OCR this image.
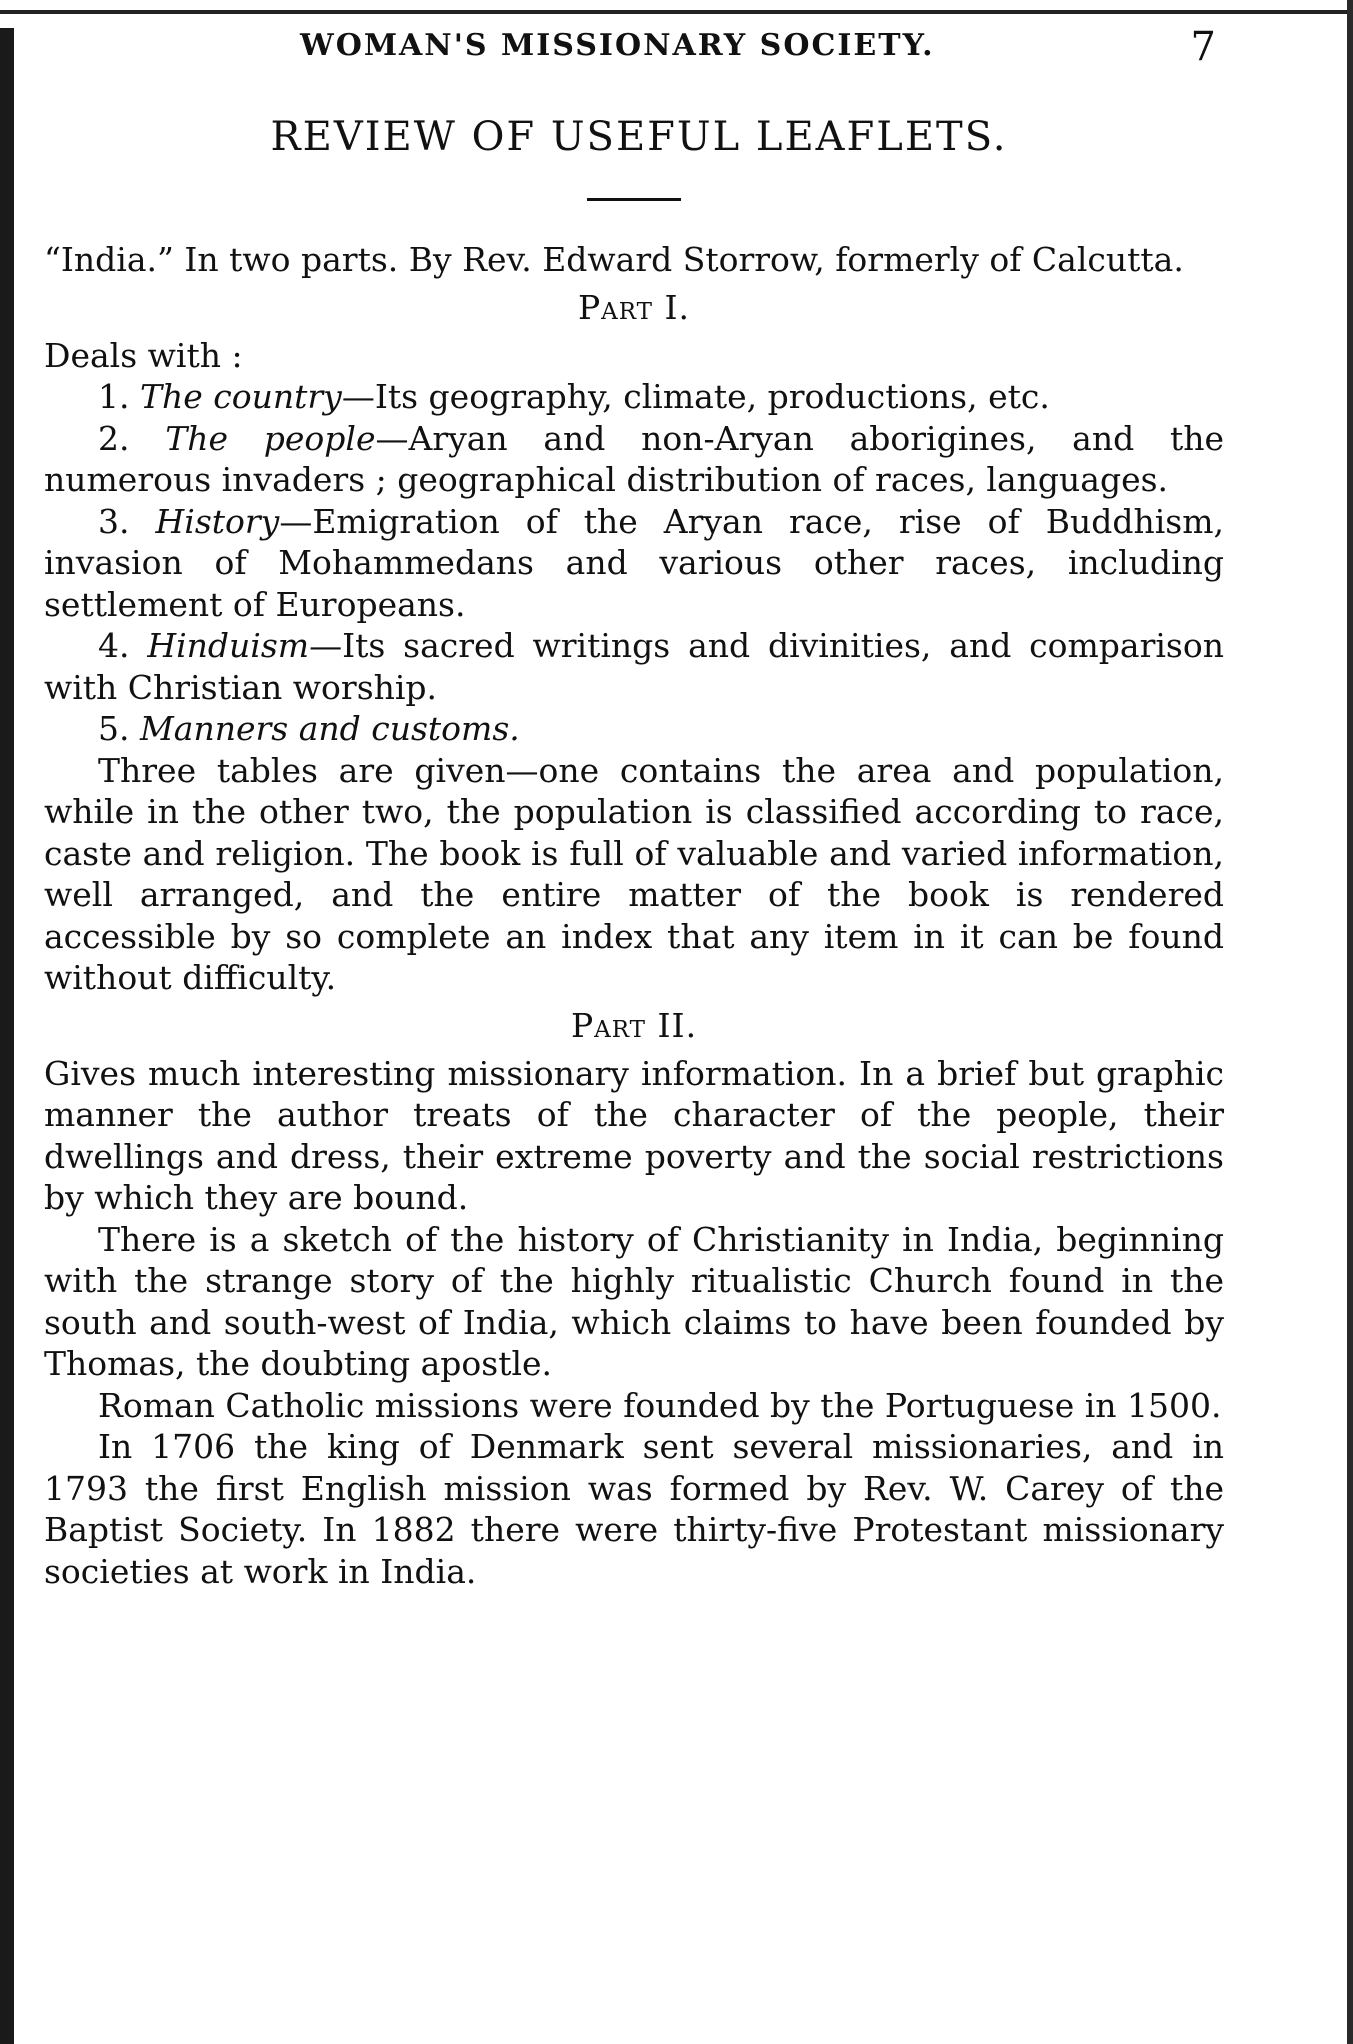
WOMAN'S MISSIONARY SOCIETY.	7
REVIEW OF USEFUL LEAFLETS.

“India.” In two parts. By Rev. Edward Storrow, formerly of Calcutta.

Part I.

Deals with :

1. The country—Its geography, climate, productions, etc.

2. The people—Aryan and non-Aryan aborigines, and the numerous invaders ; geographical distribution of races, languages.

3. History—Emigration of the Aryan race, rise of Buddhism, invasion of Mohammedans and various other races, including settlement of Europeans.

4. Hinduism—Its sacred writings and divinities, and comparison with Christian worship.

5. Manners and customs.

Three tables are given—one contains the area and population, while in the other two, the population is classified according to race, caste and religion. The book is full of valuable and varied information, well arranged, and the entire matter of the book is rendered accessible by so complete an index that any item in it can be found without difficulty.

Part II.

Gives much interesting missionary information. In a brief but graphic manner the author treats of the character of the people, their dwellings and dress, their extreme poverty and the social restrictions by which they are bound.

There is a sketch of the history of Christianity in India, beginning with the strange story of the highly ritualistic Church found in the south and south-west of India, which claims to have been founded by Thomas, the doubting apostle.

Roman Catholic missions were founded by the Portuguese in 1500.

In 1706 the king of Denmark sent several missionaries, and in 1793 the first English mission was formed by Rev. W. Carey of the Baptist Society. In 1882 there were thirty-five Protestant missionary societies at work in India.
